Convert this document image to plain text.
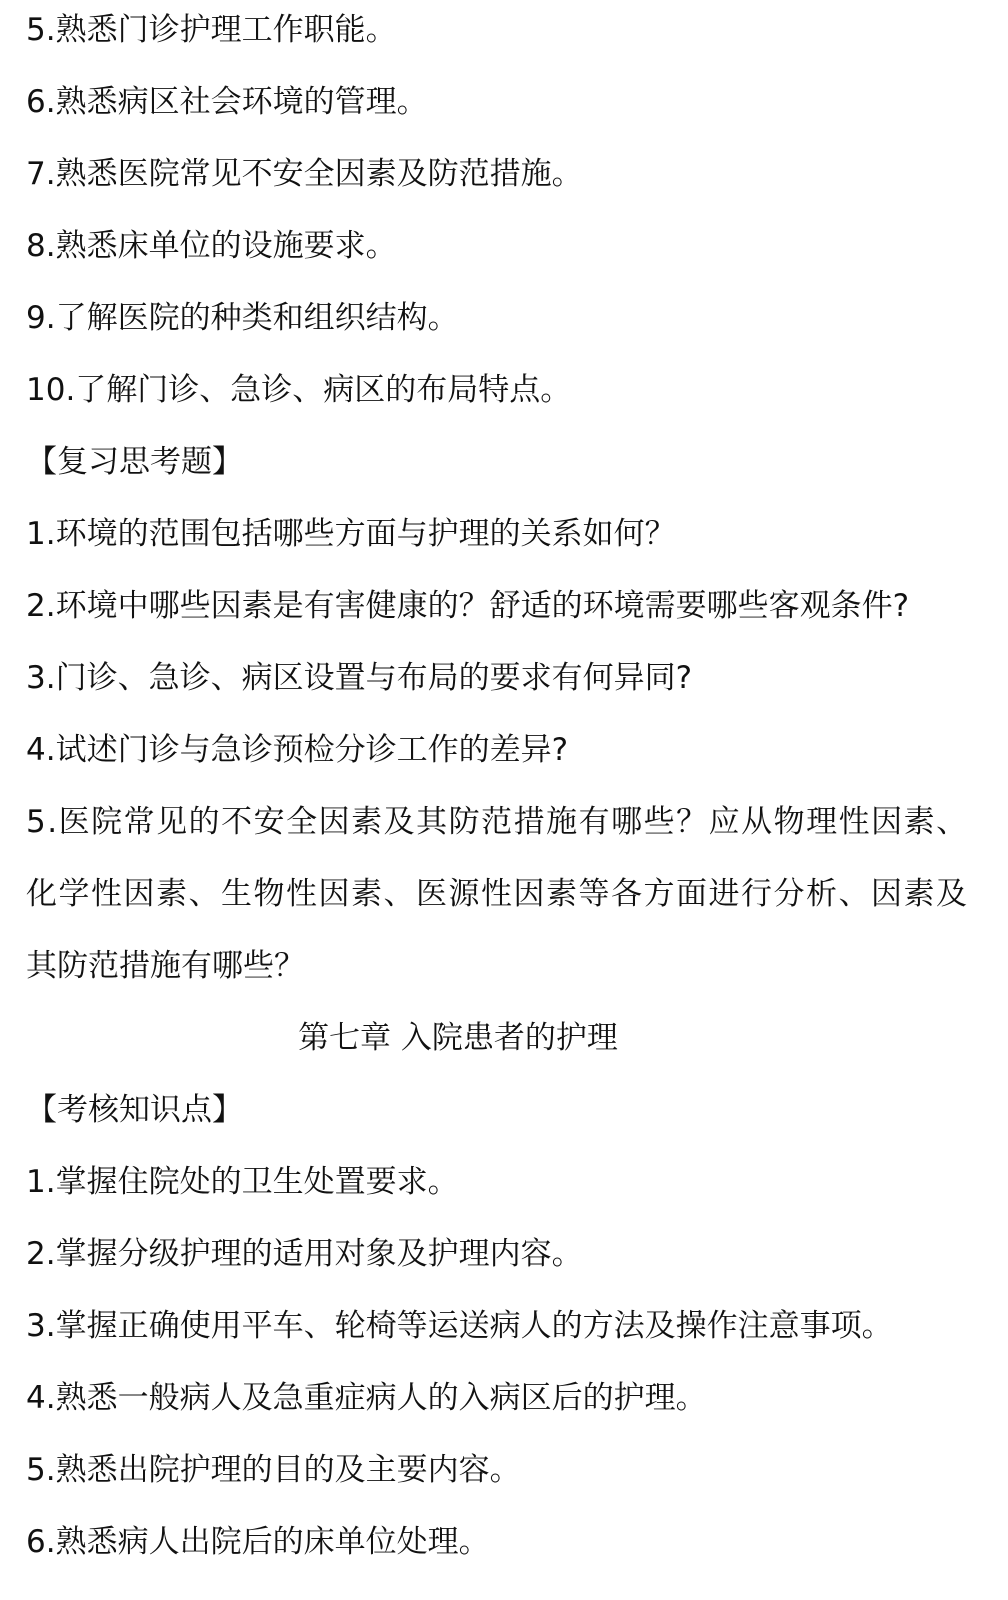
5.熟悉门诊护理工作职能。

6.熟悉病区社会环境的管理。

7.熟悉医院常见不安全因素及防范措施。

8.熟悉床单位的设施要求。

9.了解医院的种类和组织结构。

10.了解门诊、急诊、病区的布局特点。

【复习思考题】

1.环境的范围包括哪些方面与护理的关系如何？

2.环境中哪些因素是有害健康的？舒适的环境需要哪些客观条件?

3.门诊、急诊、病区设置与布局的要求有何异同?

4.试述门诊与急诊预检分诊工作的差异?

5.医院常见的不安全因素及其防范措施有哪些？应从物理性因素、

化学性因素、生物性因素、医源性因素等各方面进行分析、因素及

其防范措施有哪些？

第七章 入院患者的护理

【考核知识点】

1.掌握住院处的卫生处置要求。

2.掌握分级护理的适用对象及护理内容。

3.掌握正确使用平车、轮椅等运送病人的方法及操作注意事项。

4.熟悉一般病人及急重症病人的入病区后的护理。

5.熟悉出院护理的目的及主要内容。

6.熟悉病人出院后的床单位处理。
